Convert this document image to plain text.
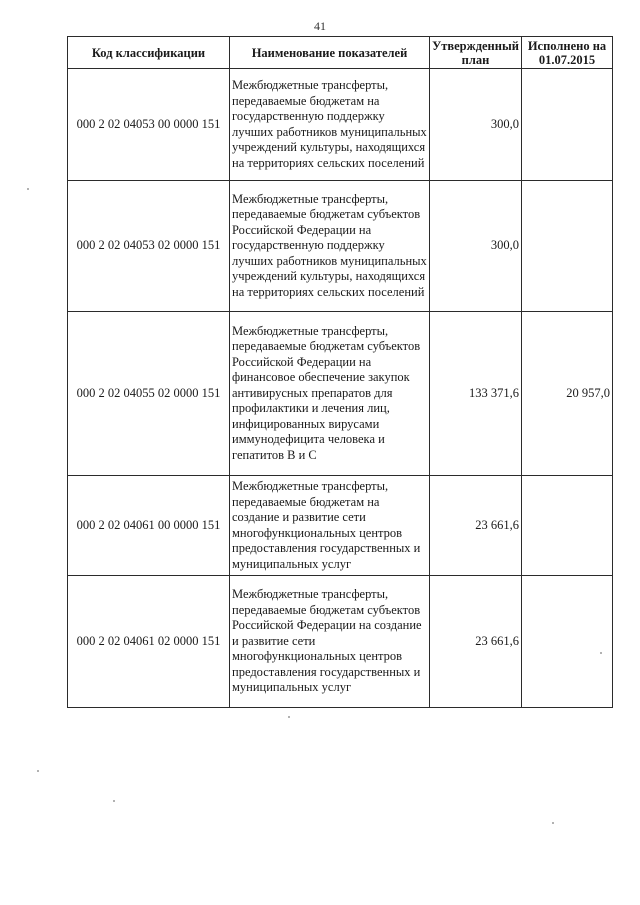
41
Код классификации	Наименование показателей	Утвержденный план	Исполнено на 01.07.2015
000 2 02 04053 00 0000 151	Межбюджетные трансферты, передаваемые бюджетам на государственную поддержку лучших работников муниципальных учреждений культуры, находящихся на территориях сельских поселений	300,0	
000 2 02 04053 02 0000 151	Межбюджетные трансферты, передаваемые бюджетам субъектов Российской Федерации на государственную поддержку лучших работников муниципальных учреждений культуры, находящихся на территориях сельских поселений	300,0	
000 2 02 04055 02 0000 151	Межбюджетные трансферты, передаваемые бюджетам субъектов Российской Федерации на финансовое обеспечение закупок антивирусных препаратов для профилактики и лечения лиц, инфицированных вирусами иммунодефицита человека и гепатитов В и С	133 371,6	20 957,0
000 2 02 04061 00 0000 151	Межбюджетные трансферты, передаваемые бюджетам на создание и развитие сети многофункциональных центров предоставления государственных и муниципальных услуг	23 661,6	
000 2 02 04061 02 0000 151	Межбюджетные трансферты, передаваемые бюджетам субъектов Российской Федерации на создание и развитие сети многофункциональных центров предоставления государственных и муниципальных услуг	23 661,6	
